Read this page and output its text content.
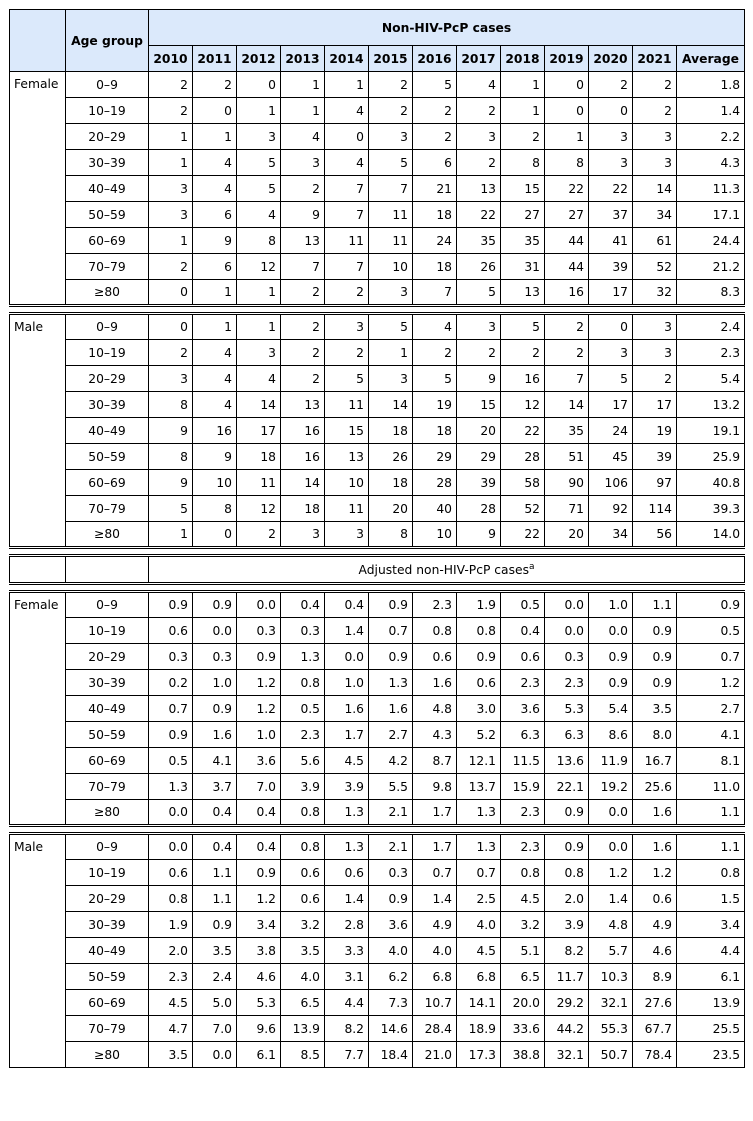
	Age group	Non-HIV-PcP cases												
		2010	2011	2012	2013	2014	2015	2016	2017	2018	2019	2020	2021	Average
Female	0–9	2	2	0	1	1	2	5	4	1	0	2	2	1.8
	10–19	2	0	1	1	4	2	2	2	1	0	0	2	1.4
	20–29	1	1	3	4	0	3	2	3	2	1	3	3	2.2
	30–39	1	4	5	3	4	5	6	2	8	8	3	3	4.3
	40–49	3	4	5	2	7	7	21	13	15	22	22	14	11.3
	50–59	3	6	4	9	7	11	18	22	27	27	37	34	17.1
	60–69	1	9	8	13	11	11	24	35	35	44	41	61	24.4
	70–79	2	6	12	7	7	10	18	26	31	44	39	52	21.2
	≥80	0	1	1	2	2	3	7	5	13	16	17	32	8.3

Male	0–9	0	1	1	2	3	5	4	3	5	2	0	3	2.4
	10–19	2	4	3	2	2	1	2	2	2	2	3	3	2.3
	20–29	3	4	4	2	5	3	5	9	16	7	5	2	5.4
	30–39	8	4	14	13	11	14	19	15	12	14	17	17	13.2
	40–49	9	16	17	16	15	18	18	20	22	35	24	19	19.1
	50–59	8	9	18	16	13	26	29	29	28	51	45	39	25.9
	60–69	9	10	11	14	10	18	28	39	58	90	106	97	40.8
	70–79	5	8	12	18	11	20	40	28	52	71	92	114	39.3
	≥80	1	0	2	3	3	8	10	9	22	20	34	56	14.0

		Adjusted non-HIV-PcP cases$^a$

Female	0–9	0.9	0.9	0.0	0.4	0.4	0.9	2.3	1.9	0.5	0.0	1.0	1.1	0.9
	10–19	0.6	0.0	0.3	0.3	1.4	0.7	0.8	0.8	0.4	0.0	0.0	0.9	0.5
	20–29	0.3	0.3	0.9	1.3	0.0	0.9	0.6	0.9	0.6	0.3	0.9	0.9	0.7
	30–39	0.2	1.0	1.2	0.8	1.0	1.3	1.6	0.6	2.3	2.3	0.9	0.9	1.2
	40–49	0.7	0.9	1.2	0.5	1.6	1.6	4.8	3.0	3.6	5.3	5.4	3.5	2.7
	50–59	0.9	1.6	1.0	2.3	1.7	2.7	4.3	5.2	6.3	6.3	8.6	8.0	4.1
	60–69	0.5	4.1	3.6	5.6	4.5	4.2	8.7	12.1	11.5	13.6	11.9	16.7	8.1
	70–79	1.3	3.7	7.0	3.9	3.9	5.5	9.8	13.7	15.9	22.1	19.2	25.6	11.0
	≥80	0.0	0.4	0.4	0.8	1.3	2.1	1.7	1.3	2.3	0.9	0.0	1.6	1.1

Male	0–9	0.0	0.4	0.4	0.8	1.3	2.1	1.7	1.3	2.3	0.9	0.0	1.6	1.1
	10–19	0.6	1.1	0.9	0.6	0.6	0.3	0.7	0.7	0.8	0.8	1.2	1.2	0.8
	20–29	0.8	1.1	1.2	0.6	1.4	0.9	1.4	2.5	4.5	2.0	1.4	0.6	1.5
	30–39	1.9	0.9	3.4	3.2	2.8	3.6	4.9	4.0	3.2	3.9	4.8	4.9	3.4
	40–49	2.0	3.5	3.8	3.5	3.3	4.0	4.0	4.5	5.1	8.2	5.7	4.6	4.4
	50–59	2.3	2.4	4.6	4.0	3.1	6.2	6.8	6.8	6.5	11.7	10.3	8.9	6.1
	60–69	4.5	5.0	5.3	6.5	4.4	7.3	10.7	14.1	20.0	29.2	32.1	27.6	13.9
	70–79	4.7	7.0	9.6	13.9	8.2	14.6	28.4	18.9	33.6	44.2	55.3	67.7	25.5
	≥80	3.5	0.0	6.1	8.5	7.7	18.4	21.0	17.3	38.8	32.1	50.7	78.4	23.5
